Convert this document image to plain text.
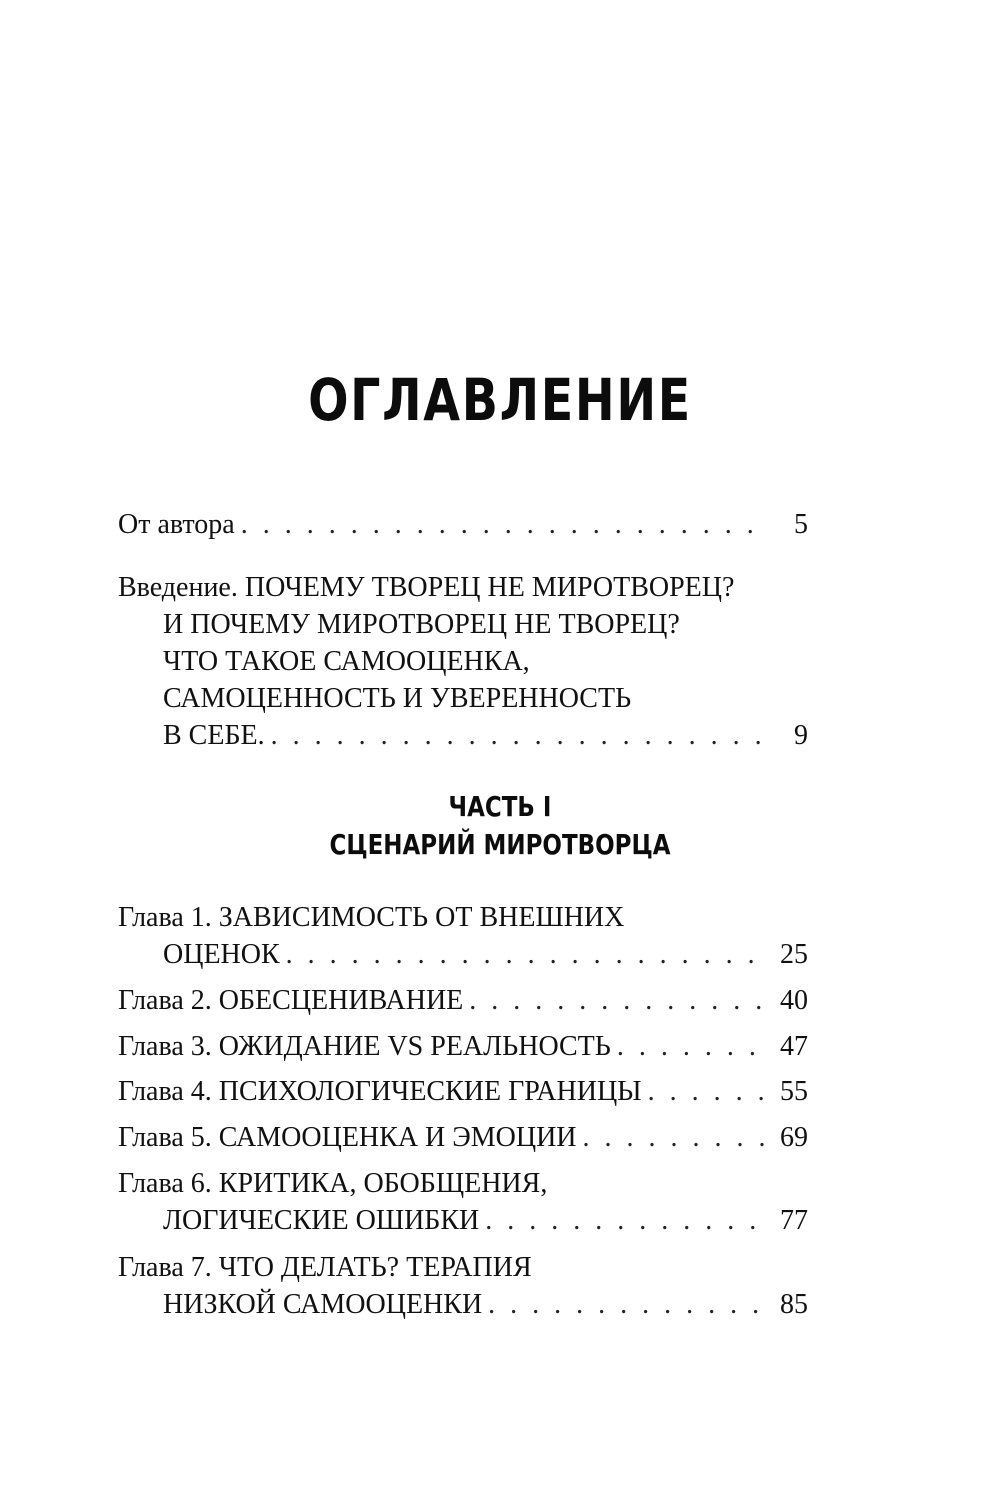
ОГЛАВЛЕНИЕ
От автора . . .	5
Введение. ПОЧЕМУ ТВОРЕЦ НЕ МИРОТВОРЕЦ?
И ПОЧЕМУ МИРОТВОРЕЦ НЕ ТВОРЕЦ?
ЧТО ТАКОЕ САМООЦЕНКА,
САМОЦЕННОСТЬ И УВЕРЕННОСТЬ
В СЕБЕ. . . .	9
ЧАСТЬ I
СЦЕНАРИЙ МИРОТВОРЦА
Глава 1. ЗАВИСИМОСТЬ ОТ ВНЕШНИХ
ОЦЕНОК . . .	25
Глава 2. ОБЕСЦЕНИВАНИЕ . . .	40
Глава 3. ОЖИДАНИЕ VS РЕАЛЬНОСТЬ . . .	47
Глава 4. ПСИХОЛОГИЧЕСКИЕ ГРАНИЦЫ . . .	55
Глава 5. САМООЦЕНКА И ЭМОЦИИ . . .	69
Глава 6. КРИТИКА, ОБОБЩЕНИЯ,
ЛОГИЧЕСКИЕ ОШИБКИ . . .	77
Глава 7. ЧТО ДЕЛАТЬ? ТЕРАПИЯ
НИЗКОЙ САМООЦЕНКИ . . .	85
